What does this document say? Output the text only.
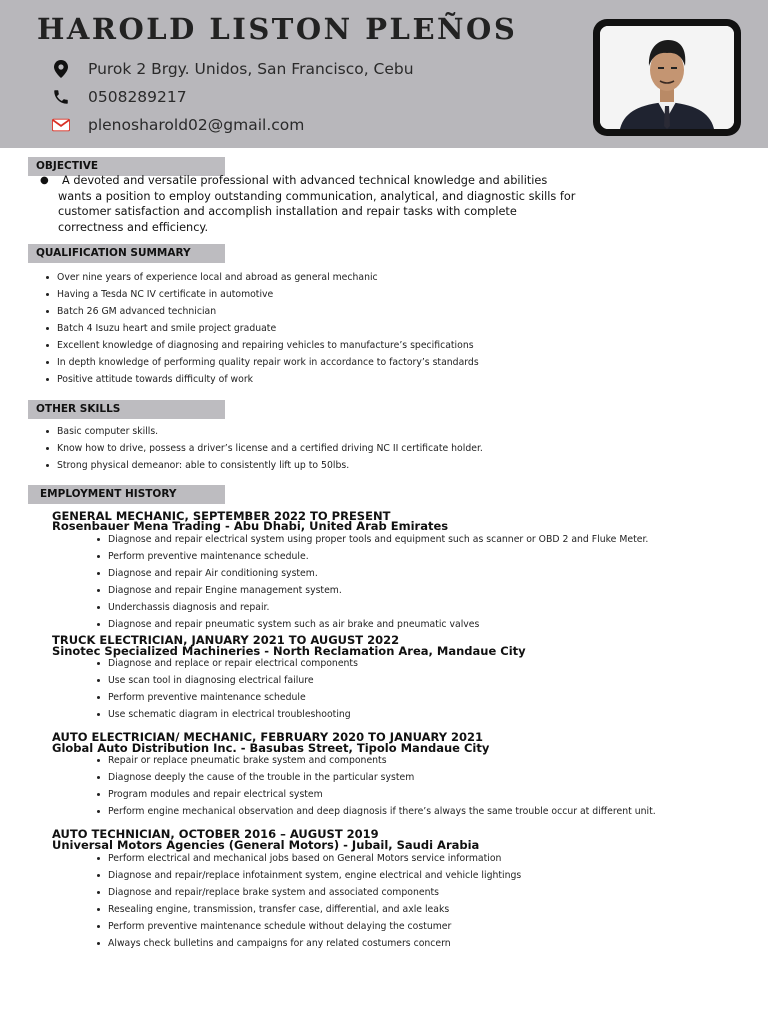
HAROLD LISTON PLEÑOS
Purok 2 Brgy. Unidos, San Francisco, Cebu
0508289217
plenosharold02@gmail.com
OBJECTIVE
●	A devoted and versatile professional with advanced technical knowledge and abilities wants a position to employ outstanding communication, analytical, and diagnostic skills for customer satisfaction and accomplish installation and repair tasks with complete correctness and efficiency.
QUALIFICATION SUMMARY
Over nine years of experience local and abroad as general mechanic
Having a Tesda NC IV certificate in automotive
Batch 26 GM advanced technician
Batch 4 Isuzu heart and smile project graduate
Excellent knowledge of diagnosing and repairing vehicles to manufacture’s specifications
In depth knowledge of performing quality repair work in accordance to factory’s standards
Positive attitude towards difficulty of work
OTHER SKILLS
Basic computer skills.
Know how to drive, possess a driver’s license and a certified driving NC II certificate holder.
Strong physical demeanor: able to consistently lift up to 50lbs.
EMPLOYMENT HISTORY
GENERAL MECHANIC, SEPTEMBER 2022 TO PRESENT
Rosenbauer Mena Trading - Abu Dhabi, United Arab Emirates
Diagnose and repair electrical system using proper tools and equipment such as scanner or OBD 2 and Fluke Meter.
Perform preventive maintenance schedule.
Diagnose and repair Air conditioning system.
Diagnose and repair Engine management system.
Underchassis diagnosis and repair.
Diagnose and repair pneumatic system such as air brake and pneumatic valves
TRUCK ELECTRICIAN, JANUARY 2021 TO AUGUST 2022
Sinotec Specialized Machineries - North Reclamation Area, Mandaue City
Diagnose and replace or repair electrical components
Use scan tool in diagnosing electrical failure
Perform preventive maintenance schedule
Use schematic diagram in electrical troubleshooting
AUTO ELECTRICIAN/ MECHANIC, FEBRUARY 2020 TO JANUARY 2021
Global Auto Distribution Inc. - Basubas Street, Tipolo Mandaue City
Repair or replace pneumatic brake system and components
Diagnose deeply the cause of the trouble in the particular system
Program modules and repair electrical system
Perform engine mechanical observation and deep diagnosis if there’s always the same trouble occur at different unit.
AUTO TECHNICIAN, OCTOBER 2016 – AUGUST 2019
Universal Motors Agencies (General Motors) - Jubail, Saudi Arabia
Perform electrical and mechanical jobs based on General Motors service information
Diagnose and repair/replace infotainment system, engine electrical and vehicle lightings
Diagnose and repair/replace brake system and associated components
Resealing engine, transmission, transfer case, differential, and axle leaks
Perform preventive maintenance schedule without delaying the costumer
Always check bulletins and campaigns for any related costumers concern
